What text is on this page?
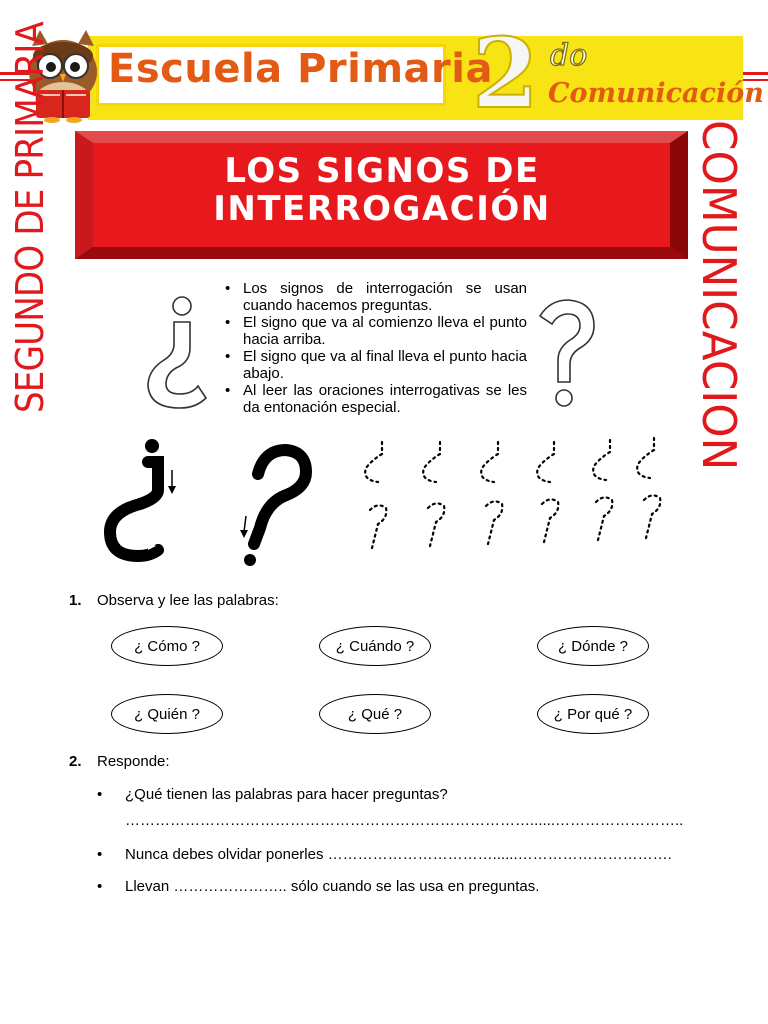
Escuela Primaria
2 do
Comunicación
SEGUNDO DE PRIMARIA	COMUNICACION
LOS SIGNOS DE
INTERROGACIÓN
• Los signos de interrogación se usan cuando hacemos preguntas.
• El signo que va al comienzo lleva el punto hacia arriba.
• El signo que va al final lleva el punto hacia abajo.
• Al leer las oraciones interrogativas se les da entonación especial.
1. Observa y lee las palabras:
¿ Cómo ?	¿ Cuándo ?	¿ Dónde ?
¿ Quién ?	¿ Qué ?	¿ Por qué ?
2. Responde:
• ¿Qué tienen las palabras para hacer preguntas?
………………………………………………………………………......……………………..
• Nunca debes olvidar ponerles ……………………………......………………………….
• Llevan ………………….. sólo cuando se las usa en preguntas.
